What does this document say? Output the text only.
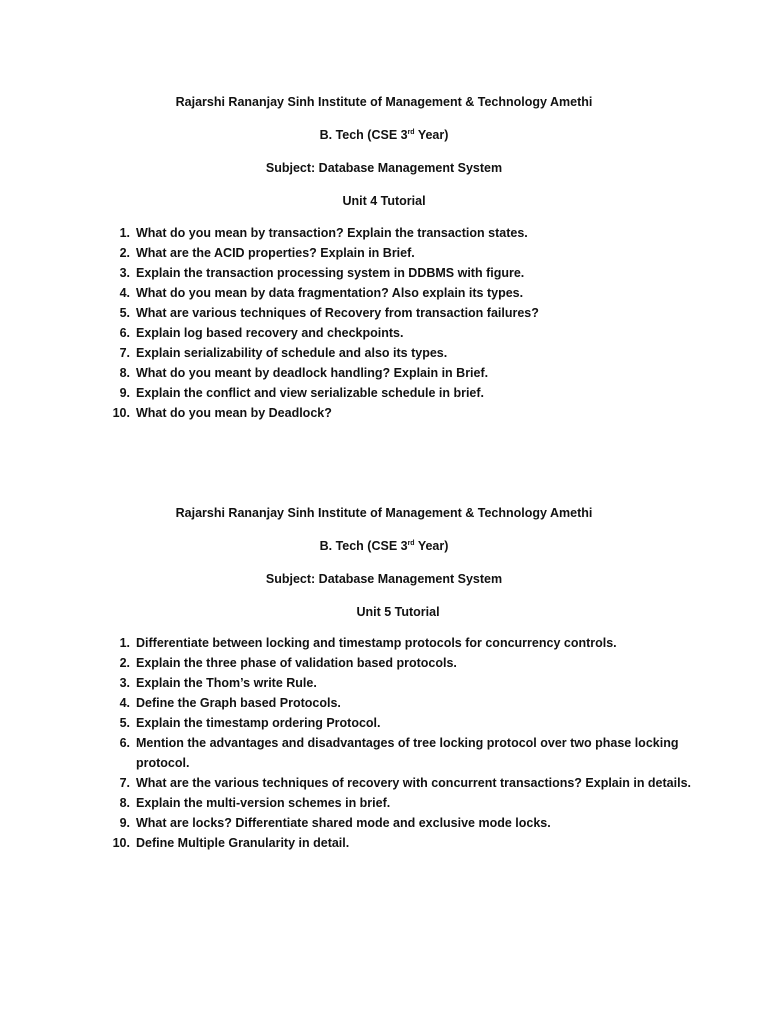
Rajarshi Rananjay Sinh Institute of Management & Technology Amethi

B. Tech (CSE 3rd Year)

Subject: Database Management System

Unit 4 Tutorial

1. What do you mean by transaction? Explain the transaction states.
2. What are the ACID properties? Explain in Brief.
3. Explain the transaction processing system in DDBMS with figure.
4. What do you mean by data fragmentation? Also explain its types.
5. What are various techniques of Recovery from transaction failures?
6. Explain log based recovery and checkpoints.
7. Explain serializability of schedule and also its types.
8. What do you meant by deadlock handling? Explain in Brief.
9. Explain the conflict and view serializable schedule in brief.
10. What do you mean by Deadlock?

Rajarshi Rananjay Sinh Institute of Management & Technology Amethi

B. Tech (CSE 3rd Year)

Subject: Database Management System

Unit 5 Tutorial

1. Differentiate between locking and timestamp protocols for concurrency controls.
2. Explain the three phase of validation based protocols.
3. Explain the Thom’s write Rule.
4. Define the Graph based Protocols.
5. Explain the timestamp ordering Protocol.
6. Mention the advantages and disadvantages of tree locking protocol over two phase locking protocol.
7. What are the various techniques of recovery with concurrent transactions? Explain in details.
8. Explain the multi-version schemes in brief.
9. What are locks? Differentiate shared mode and exclusive mode locks.
10. Define Multiple Granularity in detail.
